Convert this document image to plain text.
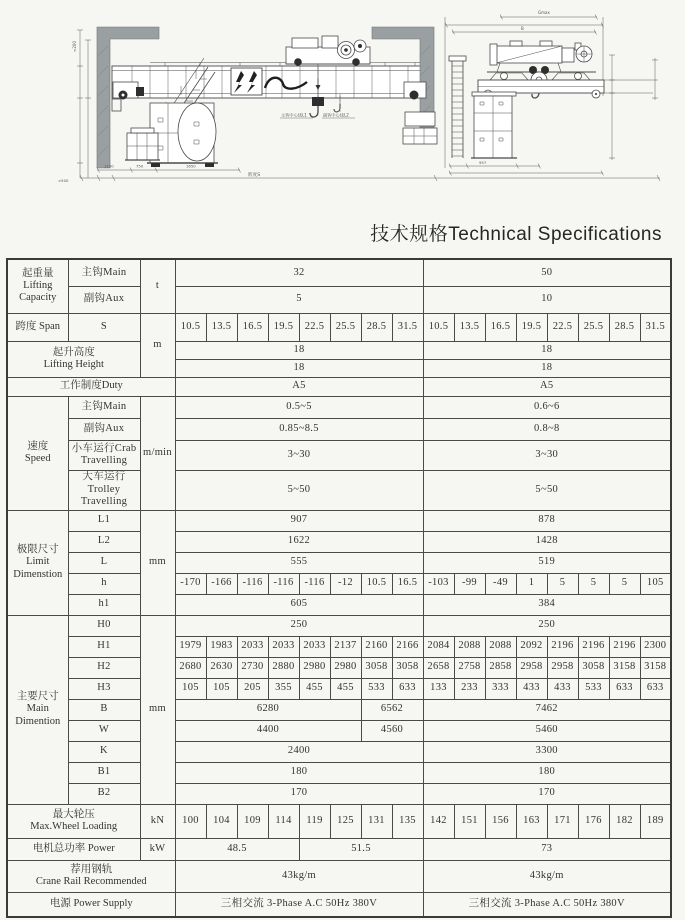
主钩中心线L1	副钩中心线L2
≈200
1150	750	1650
跨度S
≈500
Gmax
B
957
技术规格Technical Specifications
起重量
Lifting
Capacity	主钩Main	t	32								50							
	副钩Aux		5								10							
跨度 Span	S	m	10.5	13.5	16.5	19.5	22.5	25.5	28.5	31.5	10.5	13.5	16.5	19.5	22.5	25.5	28.5	31.5
起升高度
Lifting Height			18								18							
			18								18							
工作制度Duty			A5								A5							
速度
Speed	主钩Main	m/min	0.5~5								0.6~6							
	副钩Aux		0.85~8.5								0.8~8							
	小车运行Crab
Travelling		3~30								3~30							
	大车运行
Trolley
Travelling		5~50								5~50							
极限尺寸
Limit
Dimenstion	L1	mm	907								878							
	L2		1622								1428							
	L		555								519							
	h		-170	-166	-116	-116	-116	-12	10.5	16.5	-103	-99	-49	1	5	5	5	105
	h1		605								384							
主要尺寸
Main
Dimention	H0	mm	250								250							
	H1		1979	1983	2033	2033	2033	2137	2160	2166	2084	2088	2088	2092	2196	2196	2196	2300
	H2		2680	2630	2730	2880	2980	2980	3058	3058	2658	2758	2858	2958	2958	3058	3158	3158
	H3		105	105	205	355	455	455	533	633	133	233	333	433	433	533	633	633
	B		6280						6562		7462							
	W		4400						4560		5460							
	K		2400								3300							
	B1		180								180							
	B2		170								170							
最大轮压
Max.Wheel Loading		kN	100	104	109	114	119	125	131	135	142	151	156	163	171	176	182	189
电机总功率 Power		kW	48.5				51.5				73							
荐用钢轨
Crane Rail Recommended			43kg/m								43kg/m							
电源 Power Supply			三相交流 3-Phase A.C 50Hz 380V								三相交流 3-Phase A.C 50Hz 380V							
